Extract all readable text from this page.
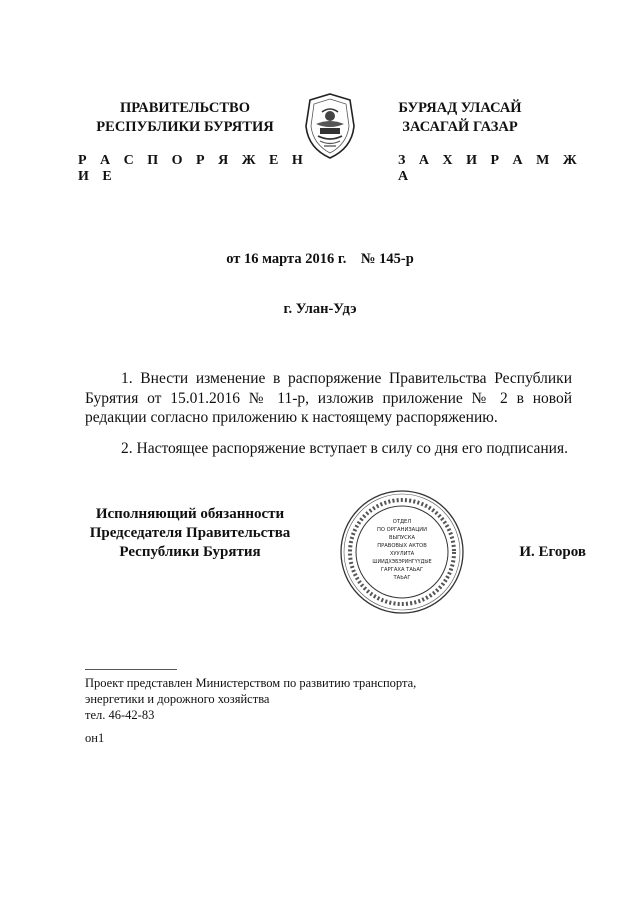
ПРАВИТЕЛЬСТВО
РЕСПУБЛИКИ БУРЯТИЯ
Р А С П О Р Я Ж Е Н И Е
БУРЯАД УЛАСАЙ
ЗАСАГАЙ ГАЗАР
З А Х И Р А М Ж А
от 16 марта 2016 г.    № 145-р
г. Улан-Удэ
1. Внести изменение в распоряжение Правительства Республики Бурятия от 15.01.2016 № 11-р, изложив приложение № 2 в новой редакции согласно приложению к настоящему распоряжению.
2. Настоящее распоряжение вступает в силу со дня его подписания.
Исполняющий обязанности
Председателя Правительства
Республики Бурятия
ОТДЕЛ
ПО ОРГАНИЗАЦИИ
ВЫПУСКА
ПРАВОВЫХ АКТОВ
ХУУЛИТА
ШИИДХЭБЭРИНГҮҮДЫЕ
ГАРГАХА ТАЬАГ
ТАЬАГ
И. Егоров
Проект представлен Министерством по развитию транспорта,
энергетики и дорожного хозяйства
тел. 46-42-83
он1
